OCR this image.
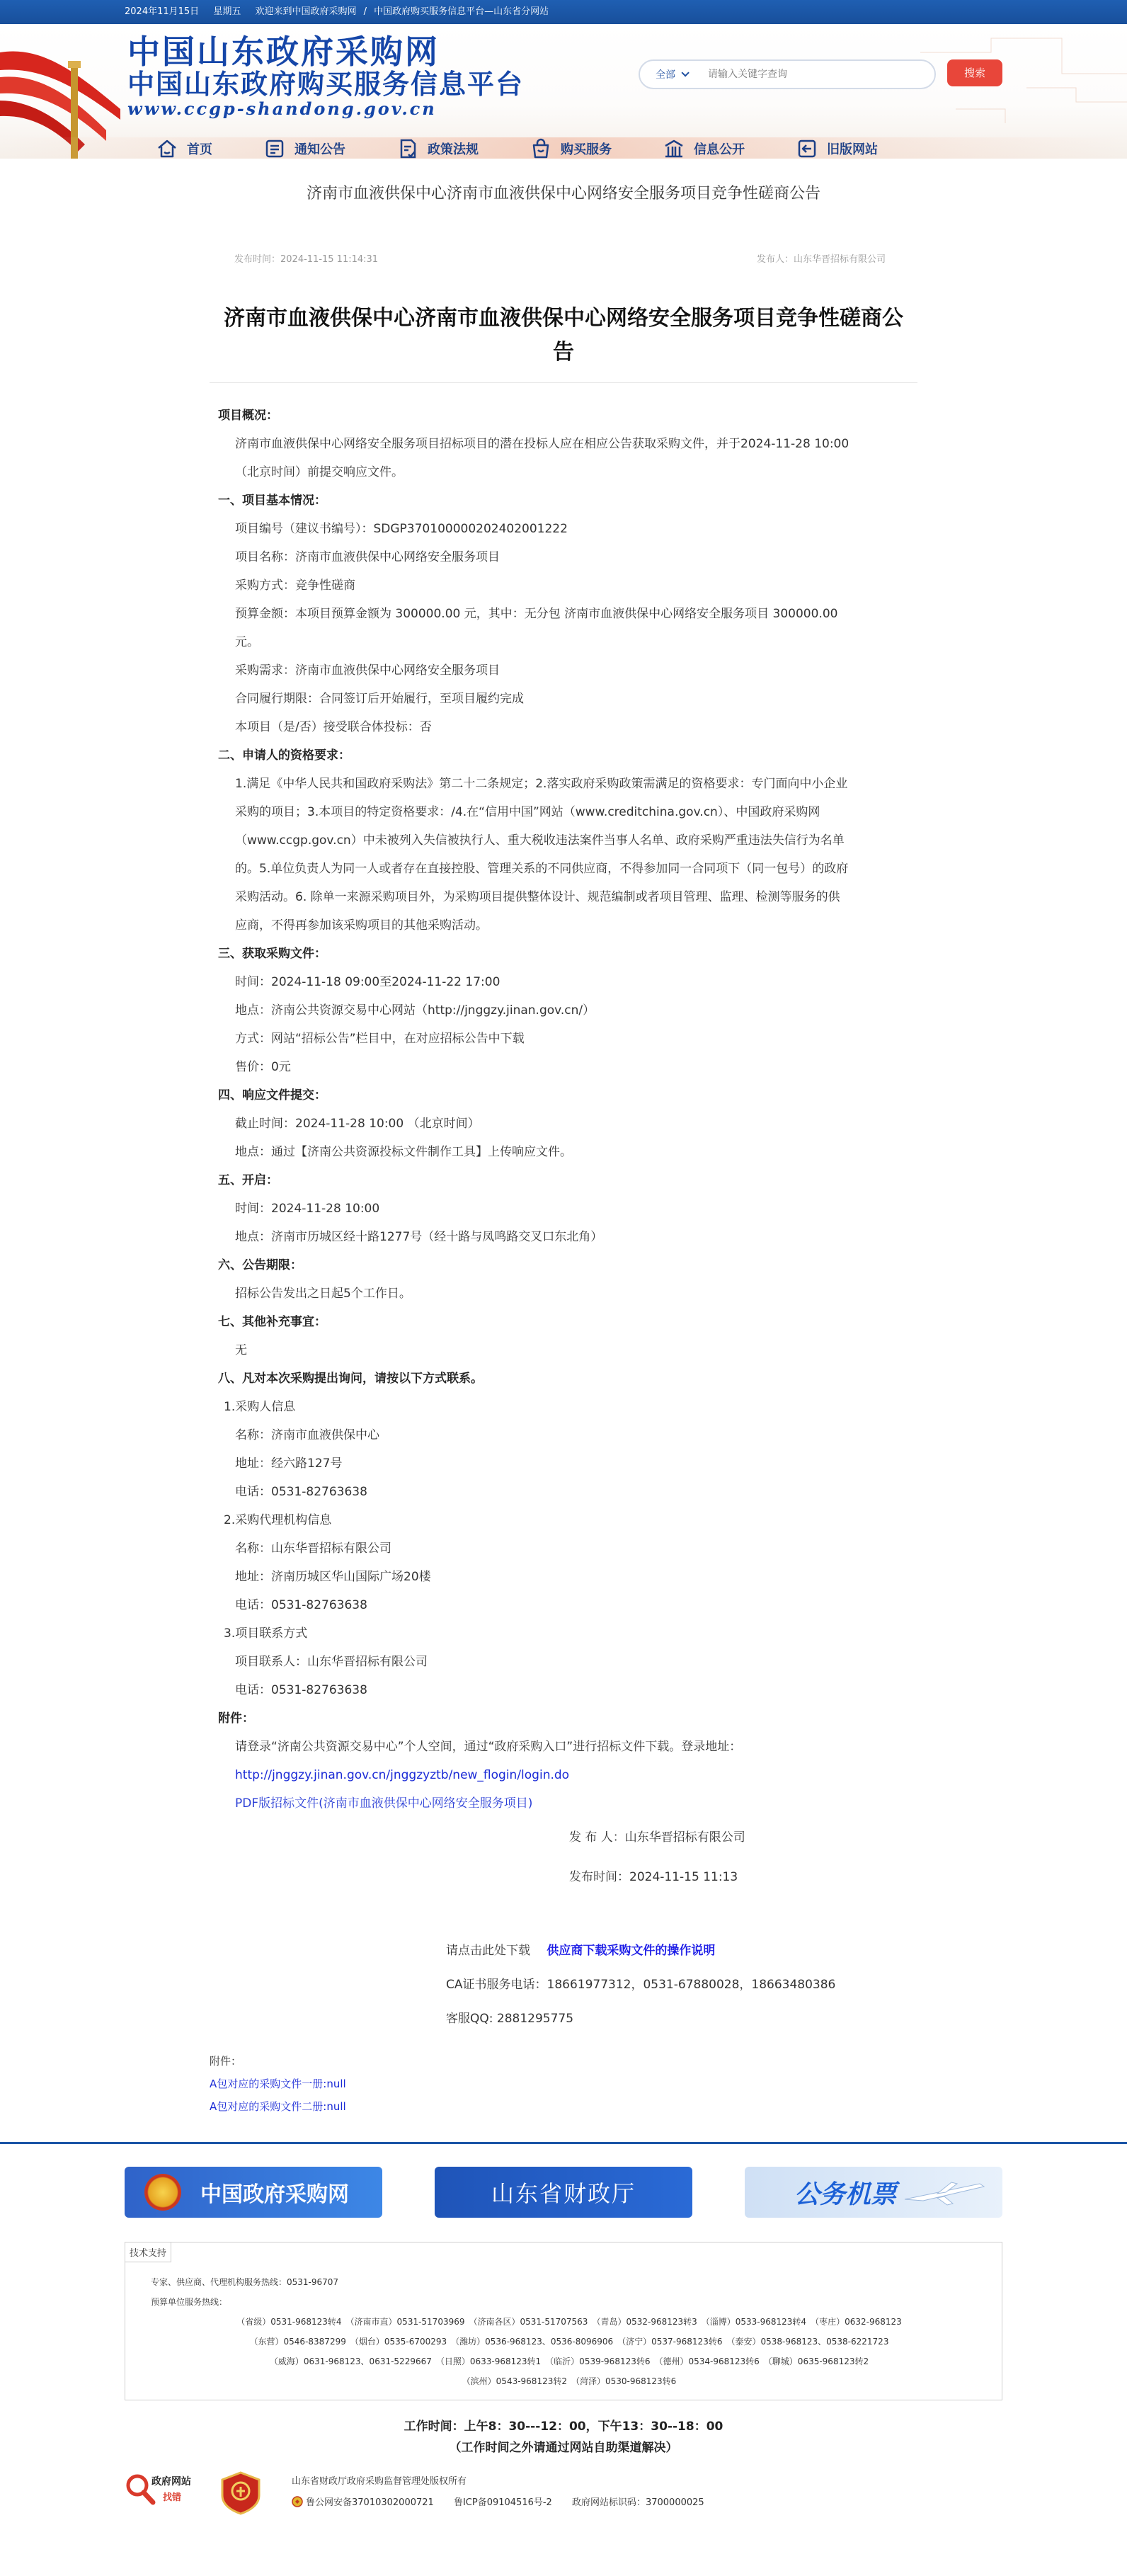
2024年11月15日 星期五 欢迎来到中国政府采购网 / 中国政府购买服务信息平台—山东省分网站
中国山东政府采购网
中国山东政府购买服务信息平台
www.ccgp-shandong.gov.cn
全部
请输入关键字查询	搜索
首页	通知公告	政策法规	购买服务	信息公开	旧版网站
济南市血液供保中心济南市血液供保中心网络安全服务项目竞争性磋商公告
发布时间：2024-11-15 11:14:31	发布人：山东华晋招标有限公司
济南市血液供保中心济南市血液供保中心网络安全服务项目竞争性磋商公告
项目概况：
济南市血液供保中心网络安全服务项目招标项目的潜在投标人应在相应公告获取采购文件，并于2024-11-28 10:00
（北京时间）前提交响应文件。
一、项目基本情况：
项目编号（建议书编号）：SDGP370100000202402001222
项目名称：济南市血液供保中心网络安全服务项目
采购方式：竞争性磋商
预算金额：本项目预算金额为 300000.00 元，其中：无分包 济南市血液供保中心网络安全服务项目 300000.00
元。
采购需求：济南市血液供保中心网络安全服务项目
合同履行期限：合同签订后开始履行，至项目履约完成
本项目（是/否）接受联合体投标：否
二、申请人的资格要求：
1.满足《中华人民共和国政府采购法》第二十二条规定；2.落实政府采购政策需满足的资格要求：专门面向中小企业
采购的项目；3.本项目的特定资格要求：/4.在“信用中国”网站（www.creditchina.gov.cn）、中国政府采购网
（www.ccgp.gov.cn）中未被列入失信被执行人、重大税收违法案件当事人名单、政府采购严重违法失信行为名单
的。5.单位负责人为同一人或者存在直接控股、管理关系的不同供应商，不得参加同一合同项下（同一包号）的政府
采购活动。6. 除单一来源采购项目外，为采购项目提供整体设计、规范编制或者项目管理、监理、检测等服务的供
应商，不得再参加该采购项目的其他采购活动。
三、获取采购文件：
时间：2024-11-18 09:00至2024-11-22 17:00
地点：济南公共资源交易中心网站（http://jnggzy.jinan.gov.cn/）
方式：网站“招标公告”栏目中，在对应招标公告中下载
售价：0元
四、响应文件提交：
截止时间：2024-11-28 10:00 （北京时间）
地点：通过【济南公共资源投标文件制作工具】上传响应文件。
五、开启：
时间：2024-11-28 10:00
地点：济南市历城区经十路1277号（经十路与凤鸣路交叉口东北角）
六、公告期限：
招标公告发出之日起5个工作日。
七、其他补充事宜：
无
八、凡对本次采购提出询问，请按以下方式联系。
1.采购人信息
名称：济南市血液供保中心
地址：经六路127号
电话：0531-82763638
2.采购代理机构信息
名称：山东华晋招标有限公司
地址：济南历城区华山国际广场20楼
电话：0531-82763638
3.项目联系方式
项目联系人：山东华晋招标有限公司
电话：0531-82763638
附件：
请登录“济南公共资源交易中心”个人空间，通过“政府采购入口”进行招标文件下载。登录地址：
http://jnggzy.jinan.gov.cn/jnggzyztb/new_flogin/login.do
PDF版招标文件(济南市血液供保中心网络安全服务项目)
发 布 人：山东华晋招标有限公司
发布时间：2024-11-15 11:13
请点击此处下载 供应商下载采购文件的操作说明
CA证书服务电话：18661977312，0531-67880028，18663480386
客服QQ: 2881295775
附件：
A包对应的采购文件一册:null
A包对应的采购文件二册:null
中国政府采购网	山东省财政厅	公务机票
技术支持
专家、供应商、代理机构服务热线：0531-96707
预算单位服务热线：
（省级）0531-968123转4　（济南市直）0531-51703969　（济南各区）0531-51707563　（青岛）0532-968123转3　（淄博）0533-968123转4　（枣庄）0632-968123
（东营）0546-8387299　（烟台）0535-6700293　（潍坊）0536-968123、0536-8096906　（济宁）0537-968123转6　（泰安）0538-968123、0538-6221723
（威海）0631-968123、0631-5229667　（日照）0633-968123转1　（临沂）0539-968123转6　（德州）0534-968123转6　（聊城）0635-968123转2
（滨州）0543-968123转2　（菏泽）0530-968123转6
工作时间：上午8：30---12：00，下午13：30--18：00
（工作时间之外请通过网站自助渠道解决）
政府网站
找错
山东省财政厅政府采购监督管理处版权所有
鲁公网安备37010302000721 鲁ICP备09104516号-2 政府网站标识码：3700000025
